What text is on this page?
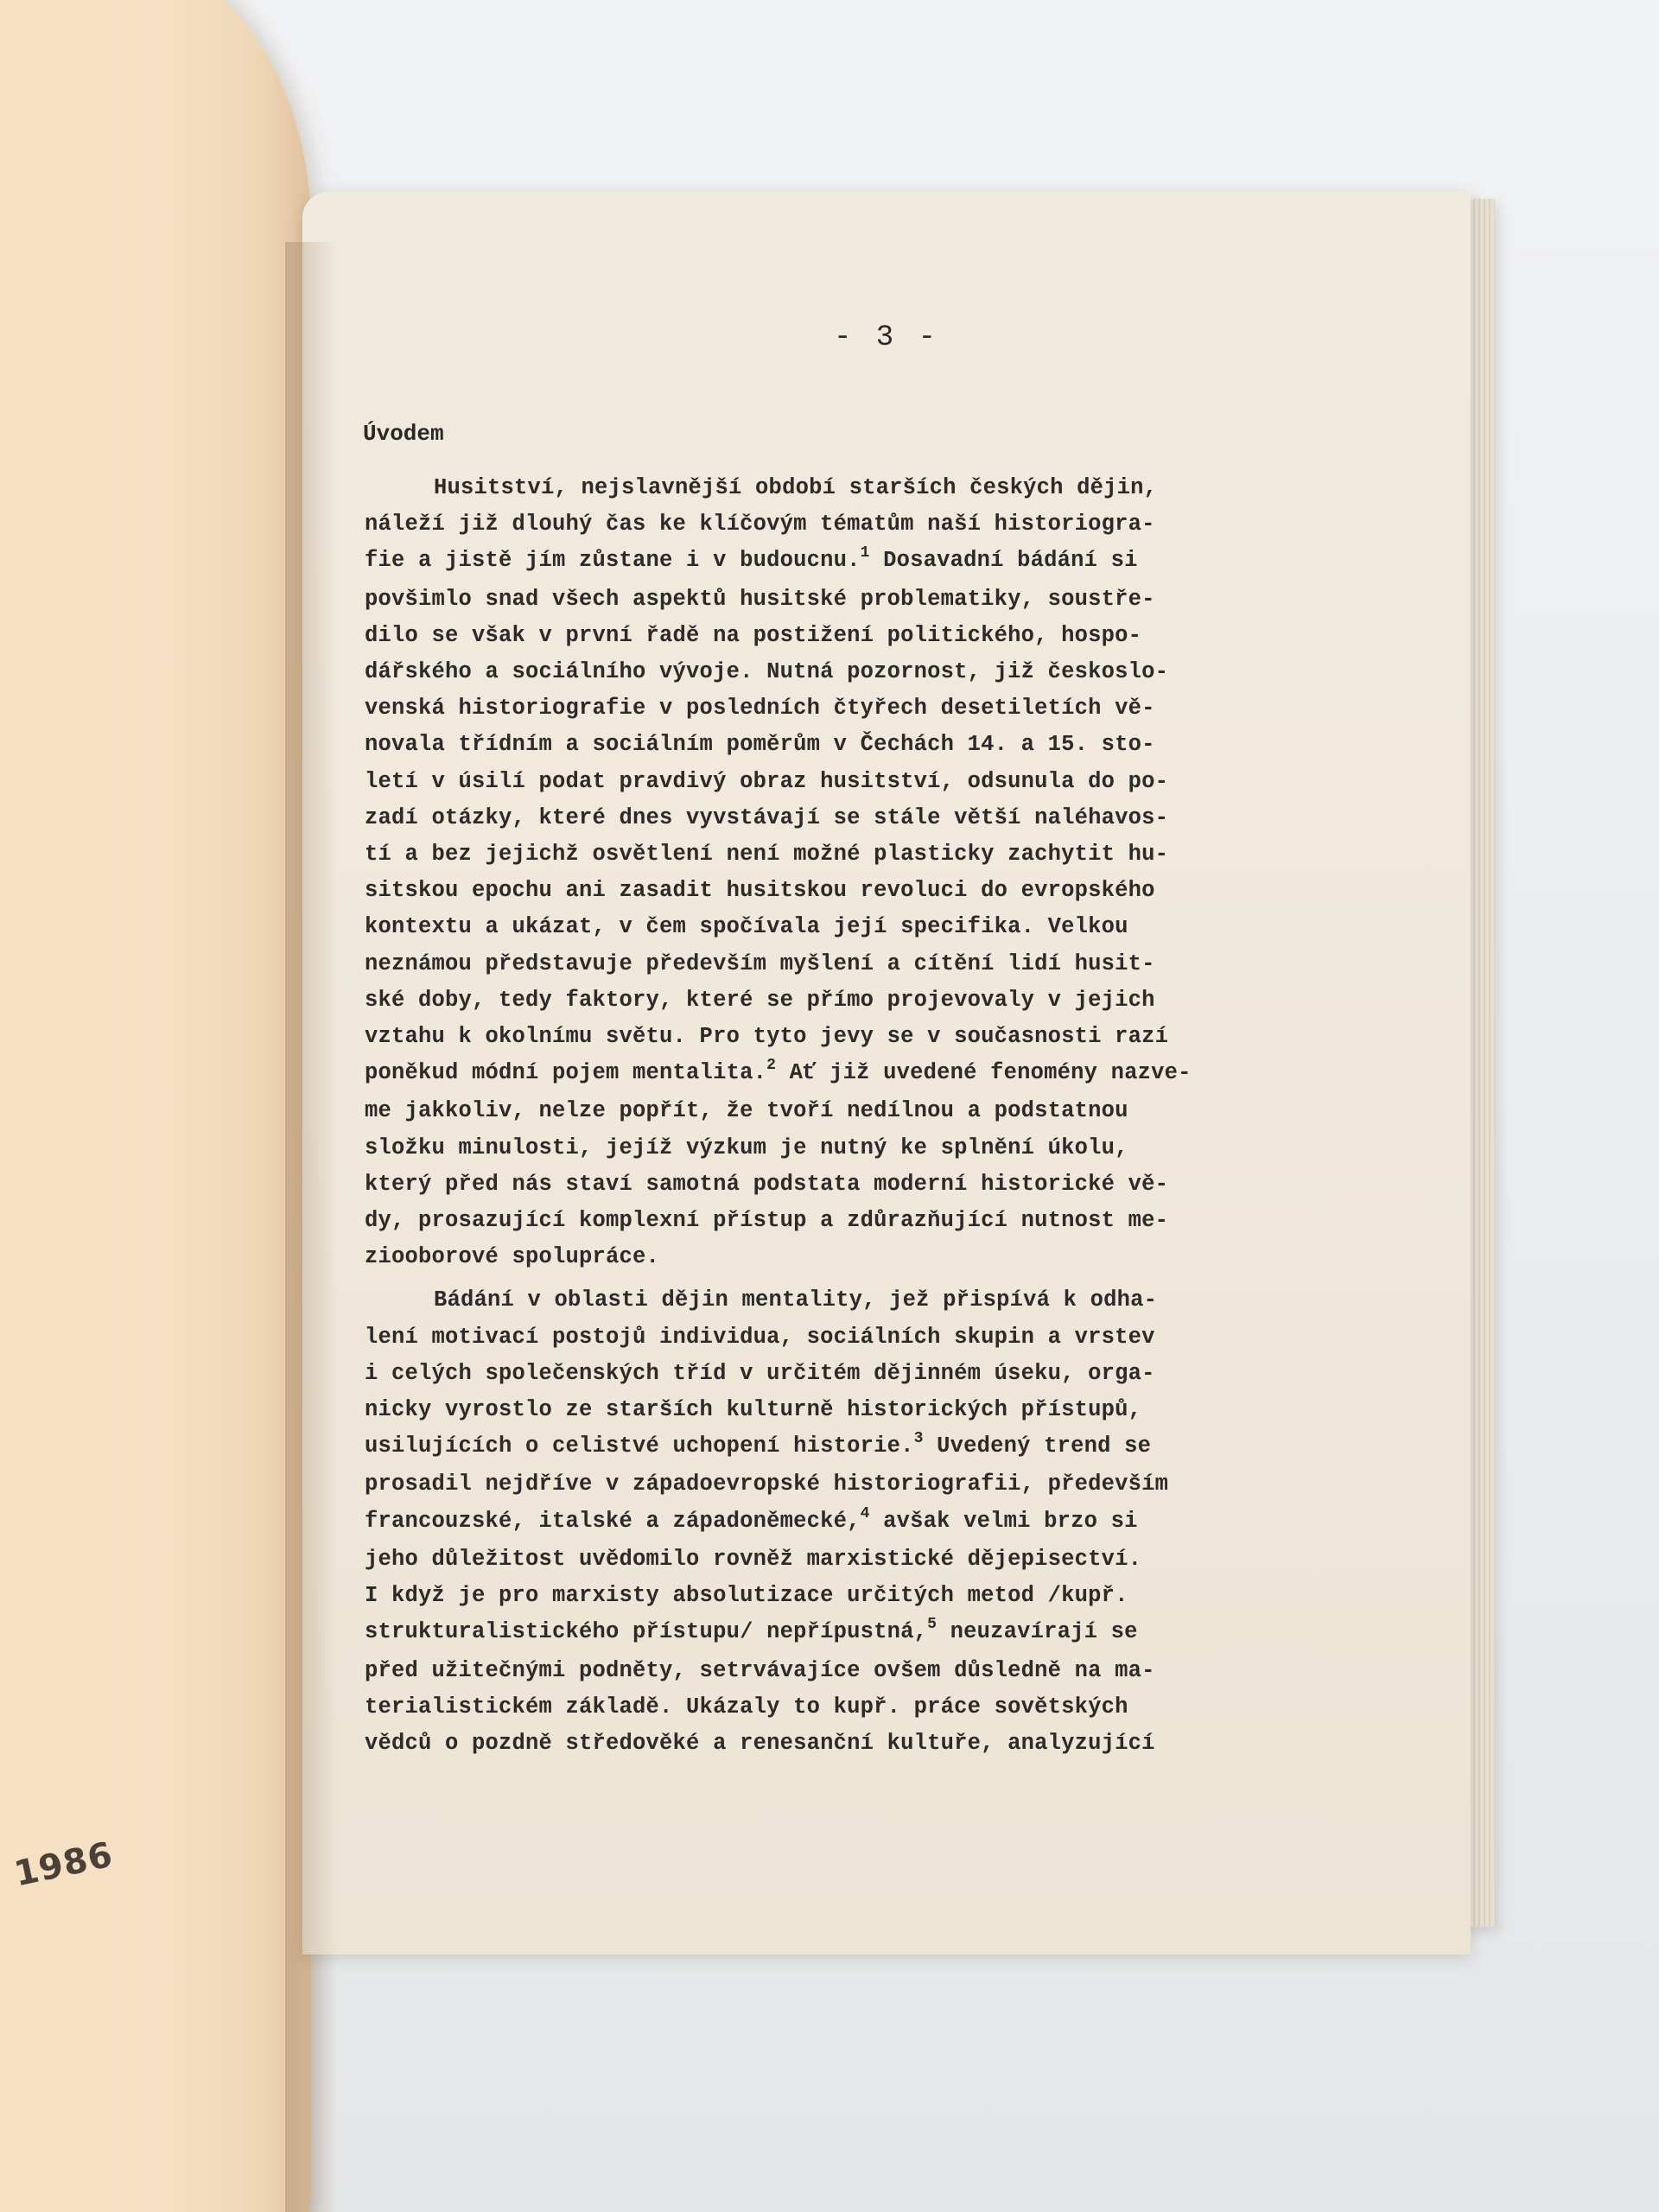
1986
- 3 -
Úvodem
Husitství, nejslavnější období starších českých dějin,
náleží již dlouhý čas ke klíčovým tématům naší historiogra-
fie a jistě jím zůstane i v budoucnu.$^1$ Dosavadní bádání si
povšimlo snad všech aspektů husitské problematiky, soustře-
dilo se však v první řadě na postižení politického, hospo-
dářského a sociálního vývoje. Nutná pozornost, již českoslo-
venská historiografie v posledních čtyřech desetiletích vě-
novala třídním a sociálním poměrům v Čechách 14. a 15. sto-
letí v úsilí podat pravdivý obraz husitství, odsunula do po-
zadí otázky, které dnes vyvstávají se stále větší naléhavos-
tí a bez jejichž osvětlení není možné plasticky zachytit hu-
sitskou epochu ani zasadit husitskou revoluci do evropského
kontextu a ukázat, v čem spočívala její specifika. Velkou
neznámou představuje především myšlení a cítění lidí husit-
ské doby, tedy faktory, které se přímo projevovaly v jejich
vztahu k okolnímu světu. Pro tyto jevy se v současnosti razí
poněkud módní pojem mentalita.$^2$ Ať již uvedené fenomény nazve-
me jakkoliv, nelze popřít, že tvoří nedílnou a podstatnou
složku minulosti, jejíž výzkum je nutný ke splnění úkolu,
který před nás staví samotná podstata moderní historické vě-
dy, prosazující komplexní přístup a zdůrazňující nutnost me-
ziooborové spolupráce.
Bádání v oblasti dějin mentality, jež přispívá k odha-
lení motivací postojů individua, sociálních skupin a vrstev
i celých společenských tříd v určitém dějinném úseku, orga-
nicky vyrostlo ze starších kulturně historických přístupů,
usilujících o celistvé uchopení historie.$^3$ Uvedený trend se
prosadil nejdříve v západoevropské historiografii, především
francouzské, italské a západoněmecké,$^4$ avšak velmi brzo si
jeho důležitost uvědomilo rovněž marxistické dějepisectví.
I když je pro marxisty absolutizace určitých metod /kupř.
strukturalistického přístupu/ nepřípustná,$^5$ neuzavírají se
před užitečnými podněty, setrvávajíce ovšem důsledně na ma-
terialistickém základě. Ukázaly to kupř. práce sovětských
vědců o pozdně středověké a renesanční kultuře, analyzující
